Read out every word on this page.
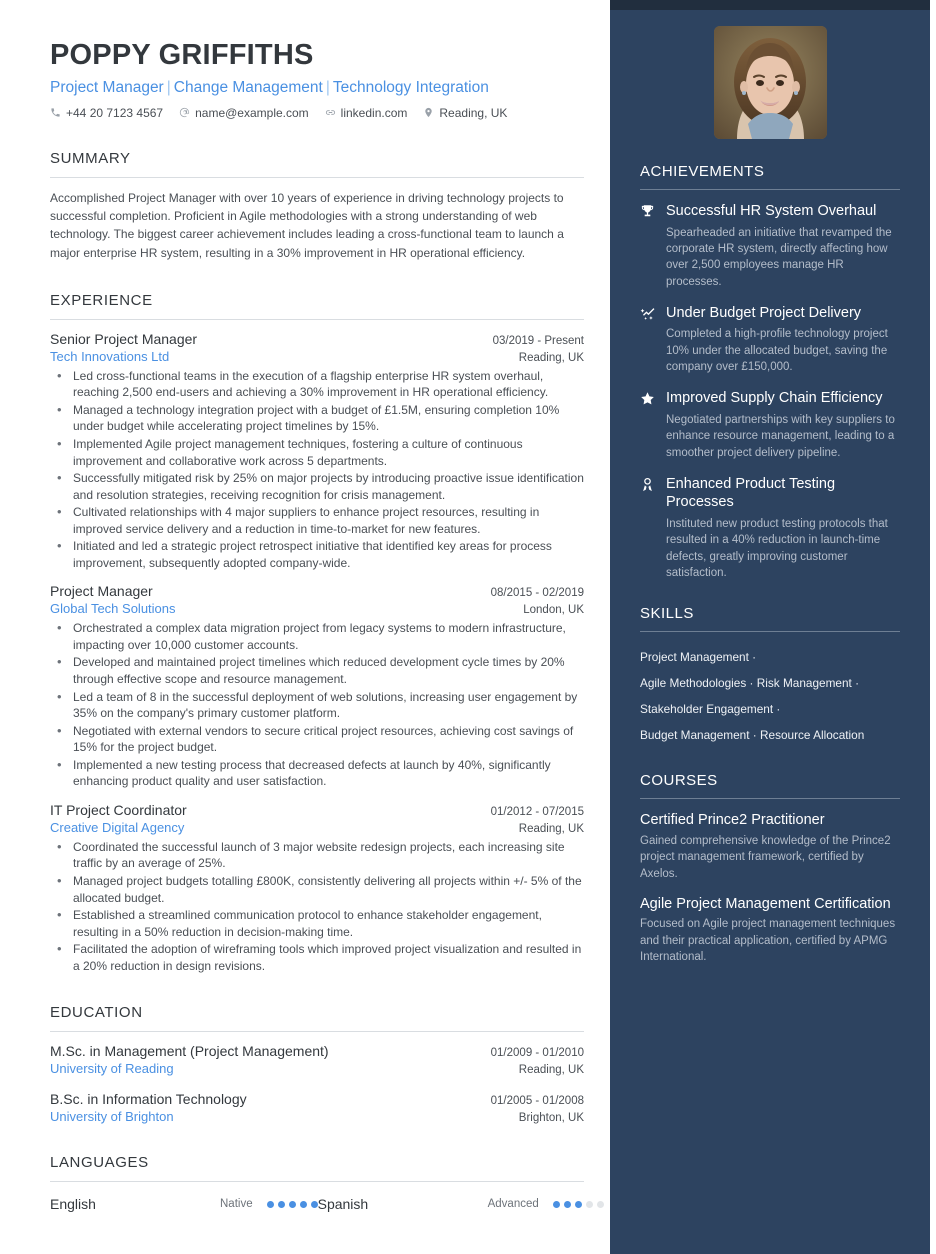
POPPY GRIFFITHS
Project Manager | Change Management | Technology Integration
+44 20 7123 4567	name@example.com	linkedin.com	Reading, UK
SUMMARY
Accomplished Project Manager with over 10 years of experience in driving technology projects to successful completion. Proficient in Agile methodologies with a strong understanding of web technology. The biggest career achievement includes leading a cross-functional team to launch a major enterprise HR system, resulting in a 30% improvement in HR operational efficiency.
EXPERIENCE
Senior Project Manager	03/2019 - Present
Tech Innovations Ltd	Reading, UK
• Led cross-functional teams in the execution of a flagship enterprise HR system overhaul, reaching 2,500 end-users and achieving a 30% improvement in HR operational efficiency.
• Managed a technology integration project with a budget of £1.5M, ensuring completion 10% under budget while accelerating project timelines by 15%.
• Implemented Agile project management techniques, fostering a culture of continuous improvement and collaborative work across 5 departments.
• Successfully mitigated risk by 25% on major projects by introducing proactive issue identification and resolution strategies, receiving recognition for crisis management.
• Cultivated relationships with 4 major suppliers to enhance project resources, resulting in improved service delivery and a reduction in time-to-market for new features.
• Initiated and led a strategic project retrospect initiative that identified key areas for process improvement, subsequently adopted company-wide.
Project Manager	08/2015 - 02/2019
Global Tech Solutions	London, UK
• Orchestrated a complex data migration project from legacy systems to modern infrastructure, impacting over 10,000 customer accounts.
• Developed and maintained project timelines which reduced development cycle times by 20% through effective scope and resource management.
• Led a team of 8 in the successful deployment of web solutions, increasing user engagement by 35% on the company's primary customer platform.
• Negotiated with external vendors to secure critical project resources, achieving cost savings of 15% for the project budget.
• Implemented a new testing process that decreased defects at launch by 40%, significantly enhancing product quality and user satisfaction.
IT Project Coordinator	01/2012 - 07/2015
Creative Digital Agency	Reading, UK
• Coordinated the successful launch of 3 major website redesign projects, each increasing site traffic by an average of 25%.
• Managed project budgets totalling £800K, consistently delivering all projects within +/- 5% of the allocated budget.
• Established a streamlined communication protocol to enhance stakeholder engagement, resulting in a 50% reduction in decision-making time.
• Facilitated the adoption of wireframing tools which improved project visualization and resulted in a 20% reduction in design revisions.
EDUCATION
M.Sc. in Management (Project Management)	01/2009 - 01/2010
University of Reading	Reading, UK
B.Sc. in Information Technology	01/2005 - 01/2008
University of Brighton	Brighton, UK
LANGUAGES
English	Native	Spanish	Advanced
ACHIEVEMENTS
Successful HR System Overhaul
Spearheaded an initiative that revamped the corporate HR system, directly affecting how over 2,500 employees manage HR processes.
Under Budget Project Delivery
Completed a high-profile technology project 10% under the allocated budget, saving the company over £150,000.
Improved Supply Chain Efficiency
Negotiated partnerships with key suppliers to enhance resource management, leading to a smoother project delivery pipeline.
Enhanced Product Testing Processes
Instituted new product testing protocols that resulted in a 40% reduction in launch-time defects, greatly improving customer satisfaction.
SKILLS
Project Management ·
Agile Methodologies · Risk Management ·
Stakeholder Engagement ·
Budget Management · Resource Allocation
COURSES
Certified Prince2 Practitioner
Gained comprehensive knowledge of the Prince2 project management framework, certified by Axelos.
Agile Project Management Certification
Focused on Agile project management techniques and their practical application, certified by APMG International.
